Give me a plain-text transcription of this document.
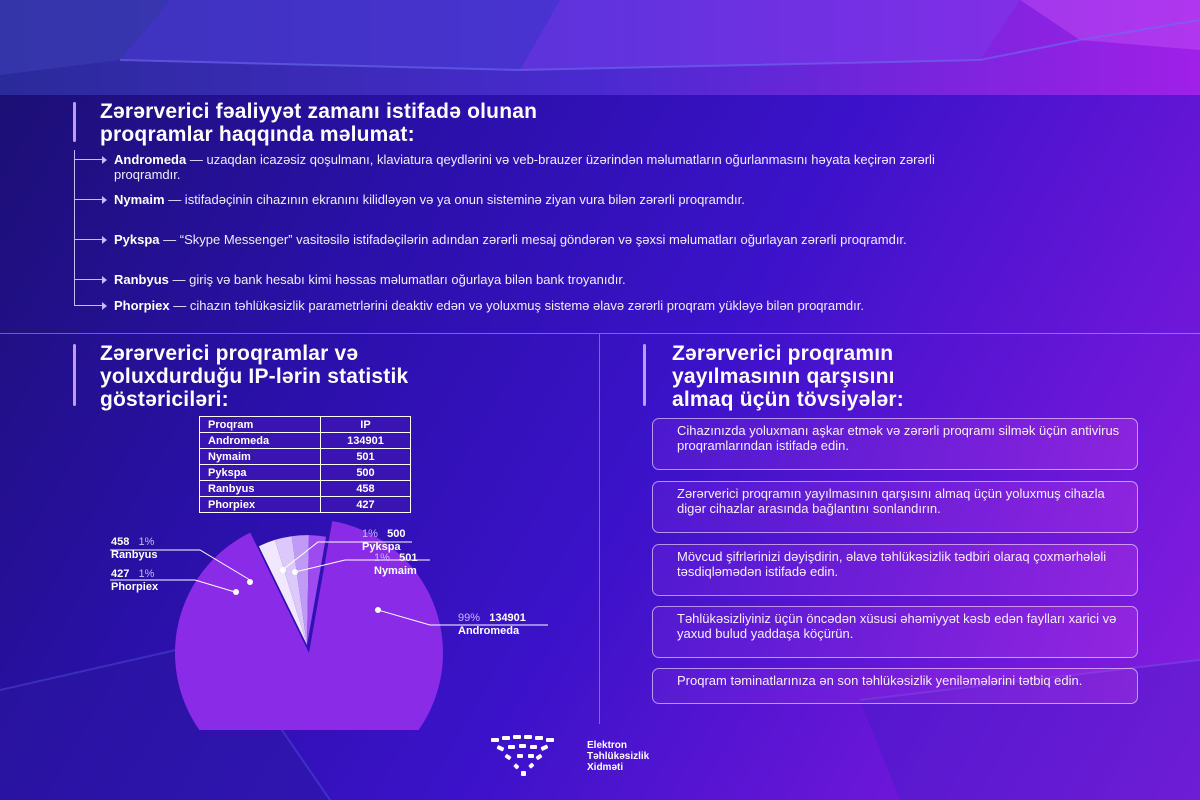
Zərərverici fəaliyyət zamanı istifadə olunan
proqramlar haqqında məlumat:
Andromeda — uzaqdan icazəsiz qoşulmanı, klaviatura qeydlərini və veb-brauzer üzərindən məlumatların oğurlanmasını həyata keçirən zərərli proqramdır.
Nymaim — istifadəçinin cihazının ekranını kilidləyən və ya onun sisteminə ziyan vura bilən zərərli proqramdır.
Pykspa — “Skype Messenger” vasitəsilə istifadəçilərin adından zərərli mesaj göndərən və şəxsi məlumatları oğurlayan zərərli proqramdır.
Ranbyus — giriş və bank hesabı kimi həssas məlumatları oğurlaya bilən bank troyanıdır.
Phorpiex — cihazın təhlükəsizlik parametrlərini deaktiv edən və yoluxmuş sistemə əlavə zərərli proqram yükləyə bilən proqramdır.
Zərərverici proqramlar və
yoluxdurduğu IP-lərin statistik
göstəriciləri:
Proqram	IP
Andromeda	134901
Nymaim	501
Pykspa	500
Ranbyus	458
Phorpiex	427
458 1%
Ranbyus
427 1%
Phorpiex
1% 500
Pykspa
1% 501
Nymaim
99% 134901
Andromeda
Zərərverici proqramın
yayılmasının qarşısını
almaq üçün tövsiyələr:
Cihazınızda yoluxmanı aşkar etmək və zərərli proqramı silmək üçün antivirus proqramlarından istifadə edin.
Zərərverici proqramın yayılmasının qarşısını almaq üçün yoluxmuş cihazla digər cihazlar arasında bağlantını sonlandırın.
Mövcud şifrlərinizi dəyişdirin, əlavə təhlükəsizlik tədbiri olaraq çoxmərhələli təsdiqləmədən istifadə edin.
Təhlükəsizliyiniz üçün öncədən xüsusi əhəmiyyət kəsb edən faylları xarici və yaxud bulud yaddaşa köçürün.
Proqram təminatlarınıza ən son təhlükəsizlik yeniləmələrini tətbiq edin.
Elektron
Təhlükəsizlik
Xidməti
